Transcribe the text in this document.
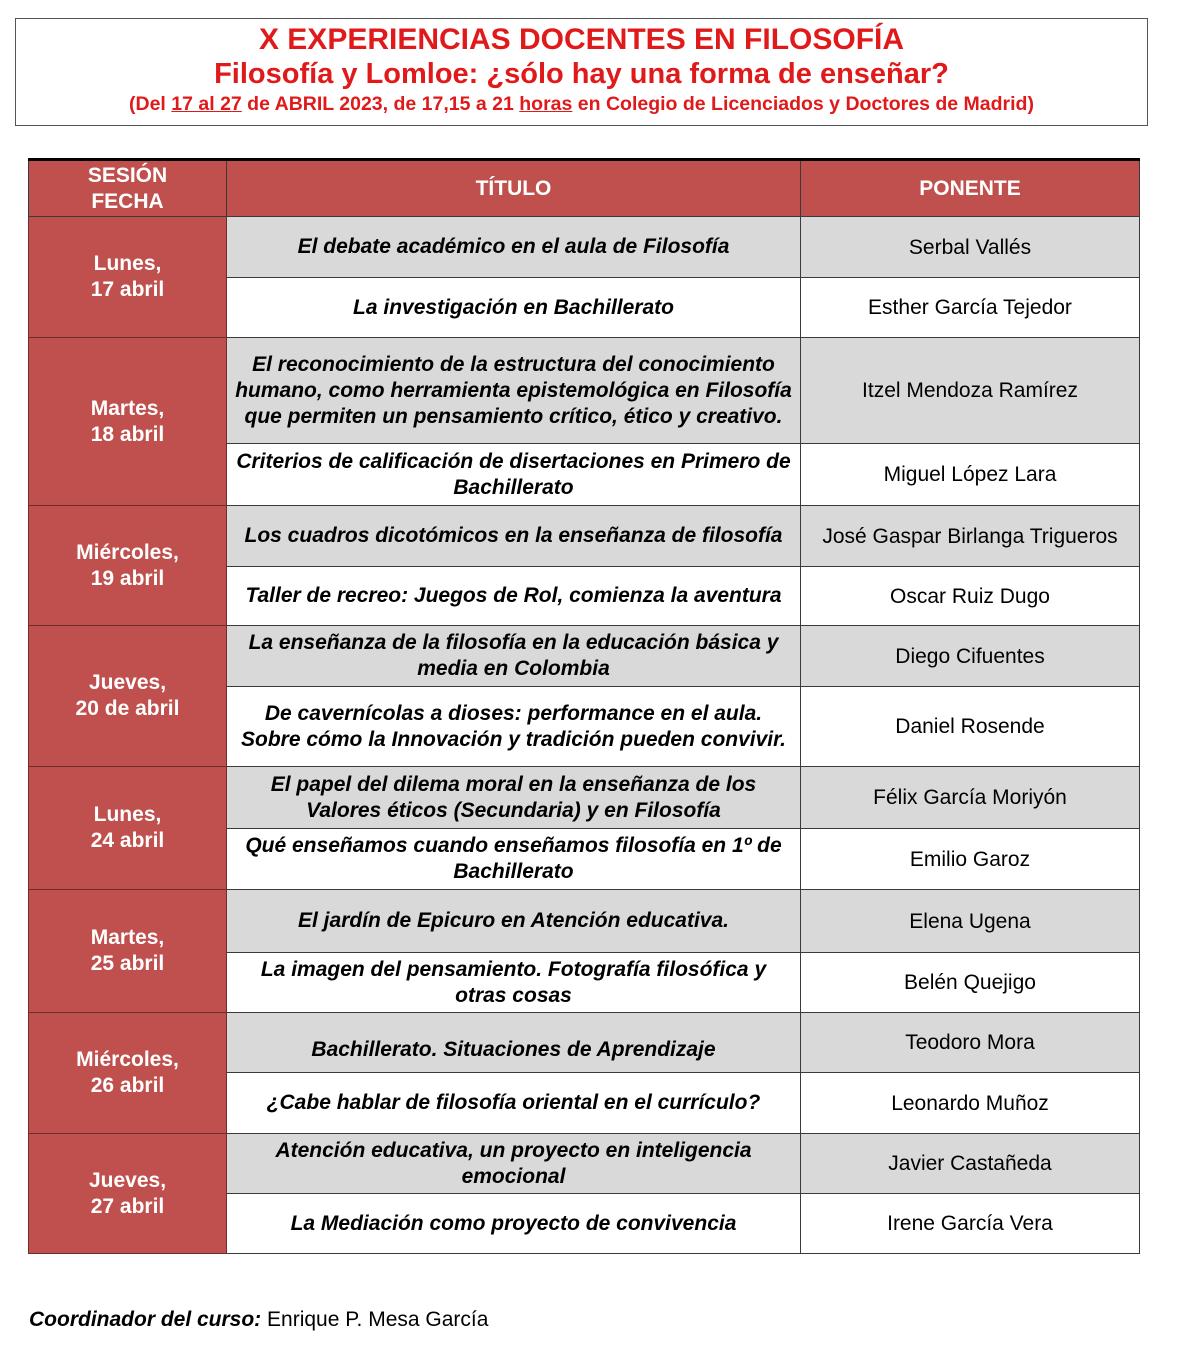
X EXPERIENCIAS DOCENTES EN FILOSOFÍA
Filosofía y Lomloe: ¿sólo hay una forma de enseñar?
(Del 17 al 27 de ABRIL 2023, de 17,15 a 21 horas en Colegio de Licenciados y Doctores de Madrid)
SESIÓN
FECHA	TÍTULO	PONENTE
Lunes,
17 abril	El debate académico en el aula de Filosofía	Serbal Vallés
	La investigación en Bachillerato	Esther García Tejedor
Martes,
18 abril	El reconocimiento de la estructura del conocimiento humano, como herramienta epistemológica en Filosofía que permiten un pensamiento crítico, ético y creativo.	Itzel Mendoza Ramírez
	Criterios de calificación de disertaciones en Primero de Bachillerato	Miguel López Lara
Miércoles,
19 abril	Los cuadros dicotómicos en la enseñanza de filosofía	José Gaspar Birlanga Trigueros
	Taller de recreo: Juegos de Rol, comienza la aventura	Oscar Ruiz Dugo
Jueves,
20 de abril	La enseñanza de la filosofía en la educación básica y media en Colombia	Diego Cifuentes
	De cavernícolas a dioses: performance en el aula. Sobre cómo la Innovación y tradición pueden convivir.	Daniel Rosende
Lunes,
24 abril	El papel del dilema moral en la enseñanza de los Valores éticos (Secundaria) y en Filosofía	Félix García Moriyón
	Qué enseñamos cuando enseñamos filosofía en 1º de Bachillerato	Emilio Garoz
Martes,
25 abril	El jardín de Epicuro en Atención educativa.	Elena Ugena
	La imagen del pensamiento. Fotografía filosófica y otras cosas	Belén Quejigo
Miércoles,
26 abril	Bachillerato. Situaciones de Aprendizaje	Teodoro Mora
	¿Cabe hablar de filosofía oriental en el currículo?	Leonardo Muñoz
Jueves,
27 abril	Atención educativa, un proyecto en inteligencia emocional	Javier Castañeda
	La Mediación como proyecto de convivencia	Irene García Vera
Coordinador del curso: Enrique P. Mesa García
